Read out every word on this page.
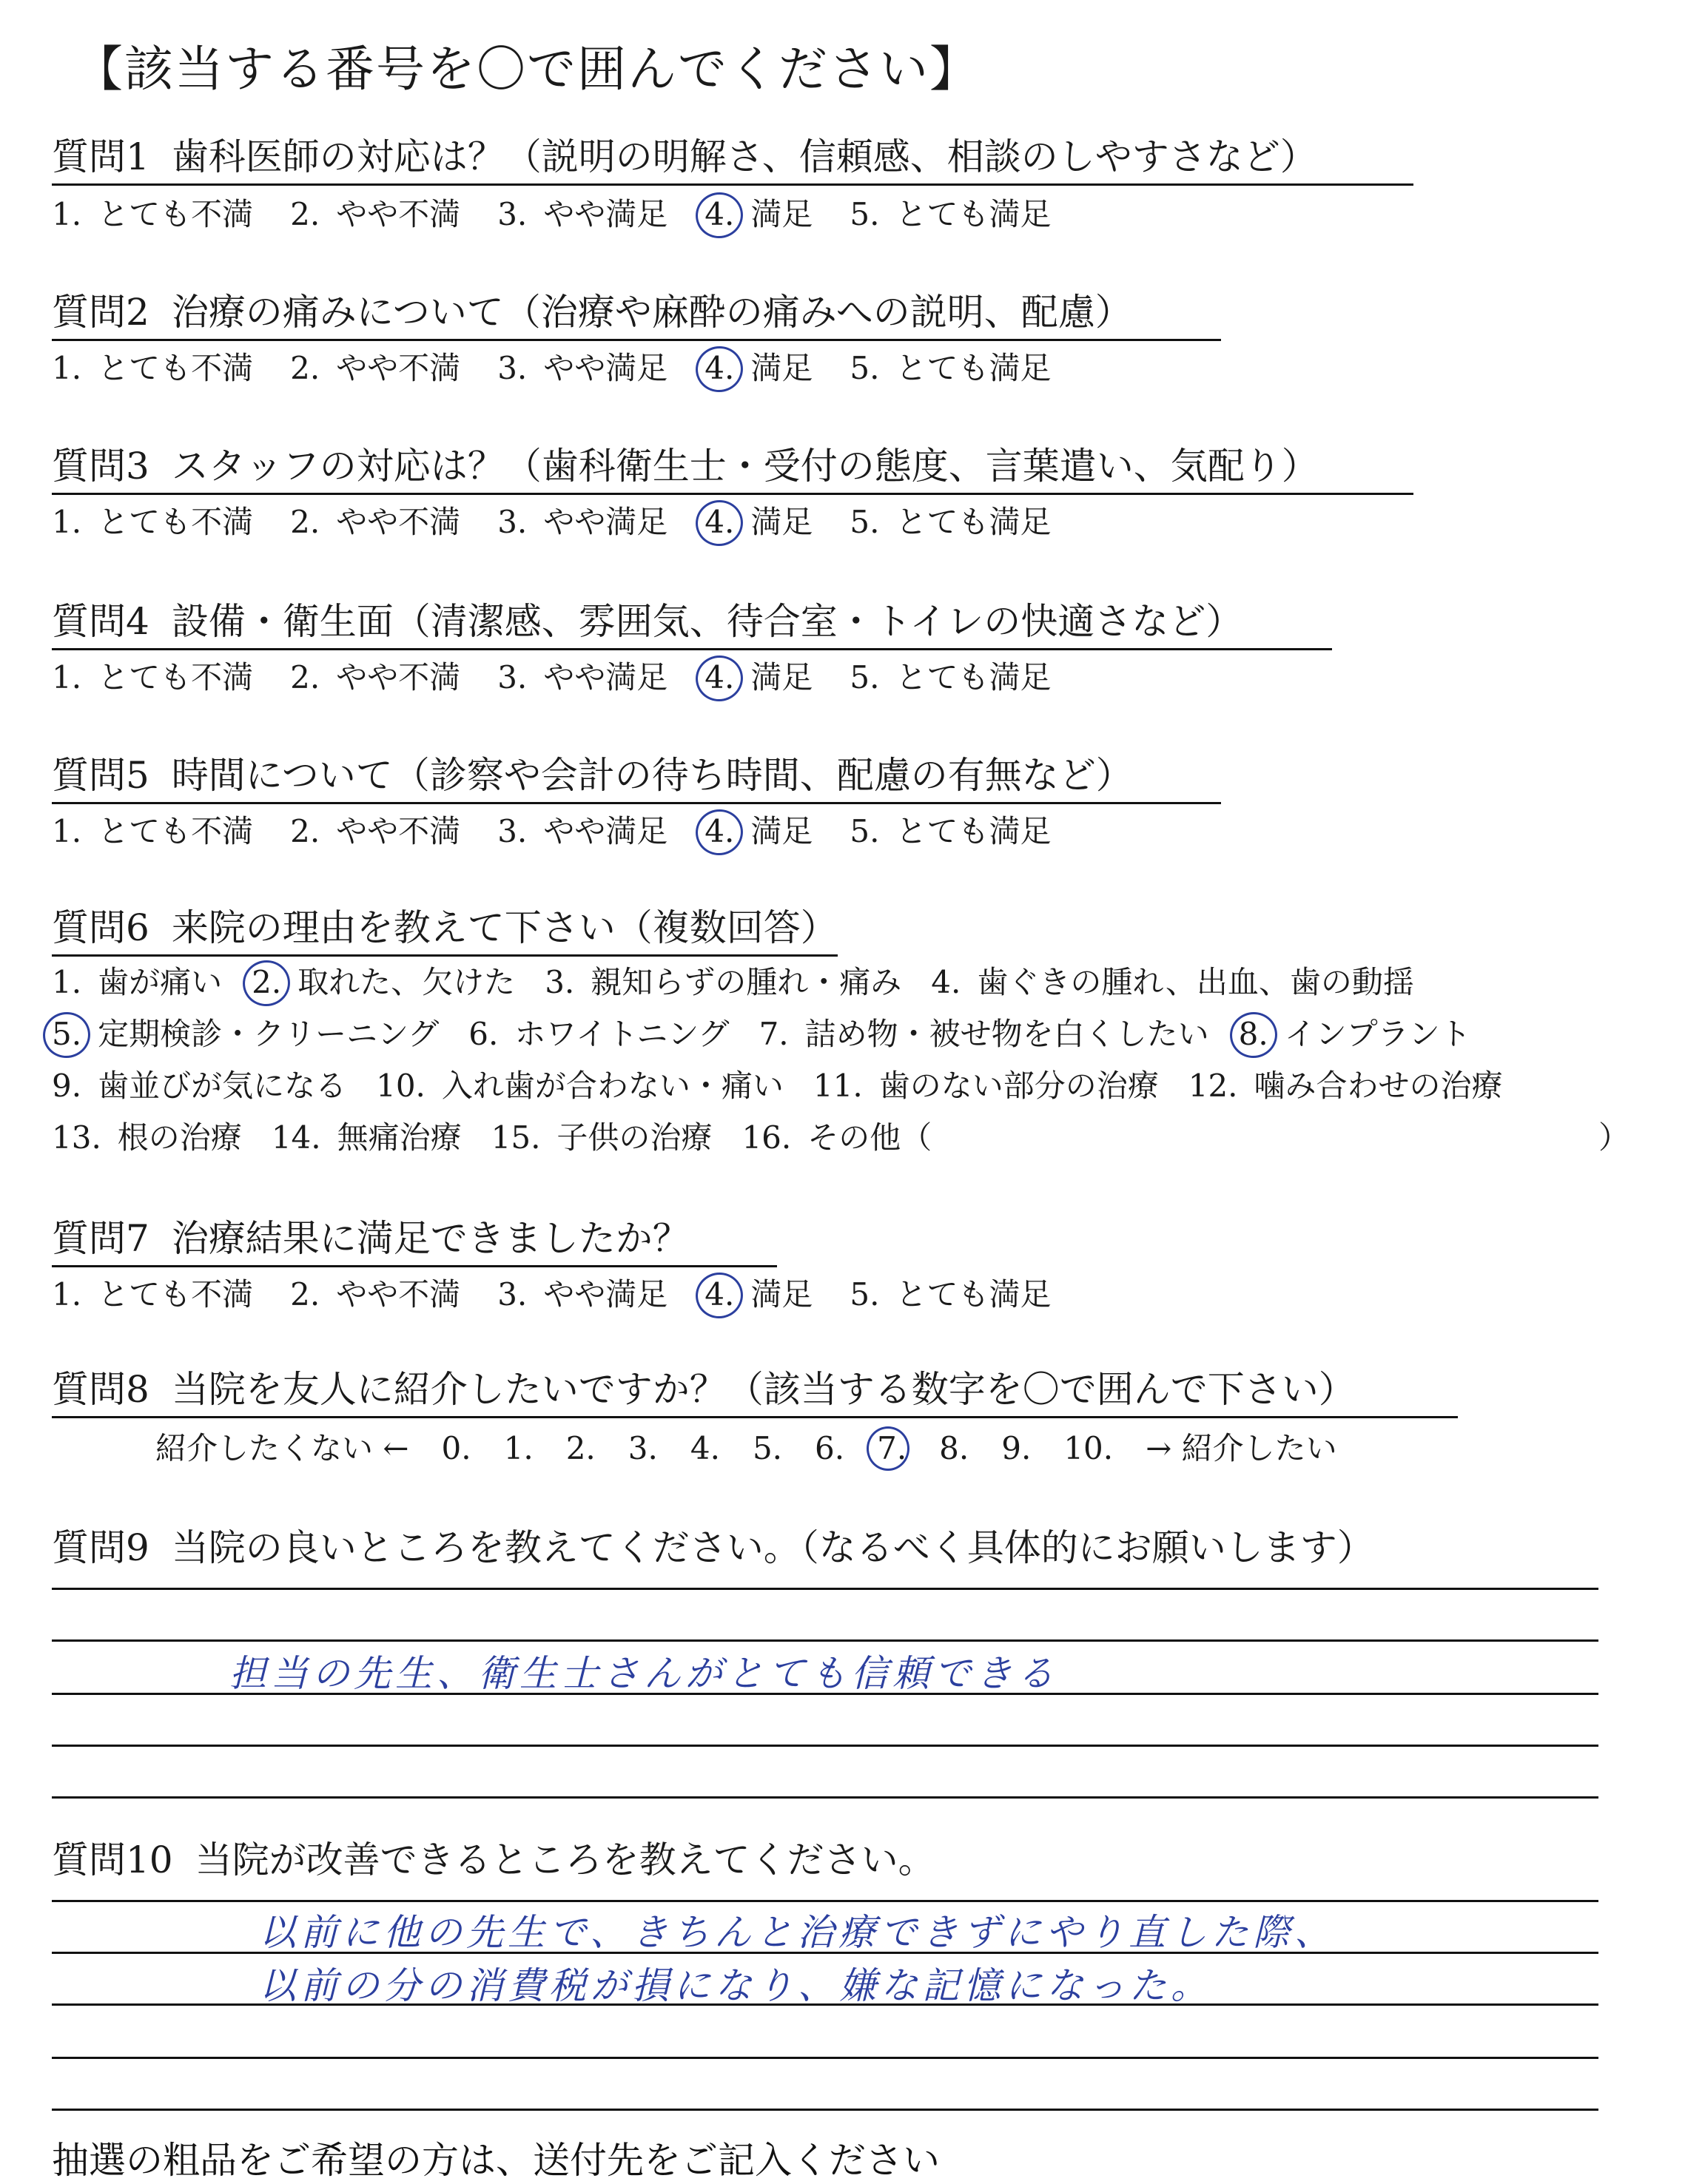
【該当する番号を〇で囲んでください】
質問1 歯科医師の対応は？（説明の明解さ、信頼感、相談のしやすさなど）
1. とても不満 2. やや不満 3. やや満足 4. 満足 5. とても満足
質問2 治療の痛みについて（治療や麻酔の痛みへの説明、配慮）
1. とても不満 2. やや不満 3. やや満足 4. 満足 5. とても満足
質問3 スタッフの対応は？（歯科衛生士・受付の態度、言葉遣い、気配り）
1. とても不満 2. やや不満 3. やや満足 4. 満足 5. とても満足
質問4 設備・衛生面（清潔感、雰囲気、待合室・トイレの快適さなど）
1. とても不満 2. やや不満 3. やや満足 4. 満足 5. とても満足
質問5 時間について（診察や会計の待ち時間、配慮の有無など）
1. とても不満 2. やや不満 3. やや満足 4. 満足 5. とても満足
質問7 治療結果に満足できましたか？
1. とても不満 2. やや不満 3. やや満足 4. 満足 5. とても満足
質問6 来院の理由を教えて下さい（複数回答）
1. 歯が痛い 2. 取れた、欠けた 3. 親知らずの腫れ・痛み 4. 歯ぐきの腫れ、出血、歯の動揺
5. 定期検診・クリーニング 6. ホワイトニング 7. 詰め物・被せ物を白くしたい 8. インプラント
9. 歯並びが気になる 10. 入れ歯が合わない・痛い 11. 歯のない部分の治療 12. 噛み合わせの治療
13. 根の治療 14. 無痛治療 15. 子供の治療 16. その他（	）
質問8 当院を友人に紹介したいですか？（該当する数字を〇で囲んで下さい）
紹介したくない ← 0. 1. 2. 3. 4. 5. 6. 7. 8. 9. 10. → 紹介したい
質問9 当院の良いところを教えてください。（なるべく具体的にお願いします）
担当の先生、衛生士さんがとても信頼できる
質問10 当院が改善できるところを教えてください。
以前に他の先生で、きちんと治療できずにやり直した際、
以前の分の消費税が損になり、嫌な記憶になった。
抽選の粗品をご希望の方は、送付先をご記入ください
